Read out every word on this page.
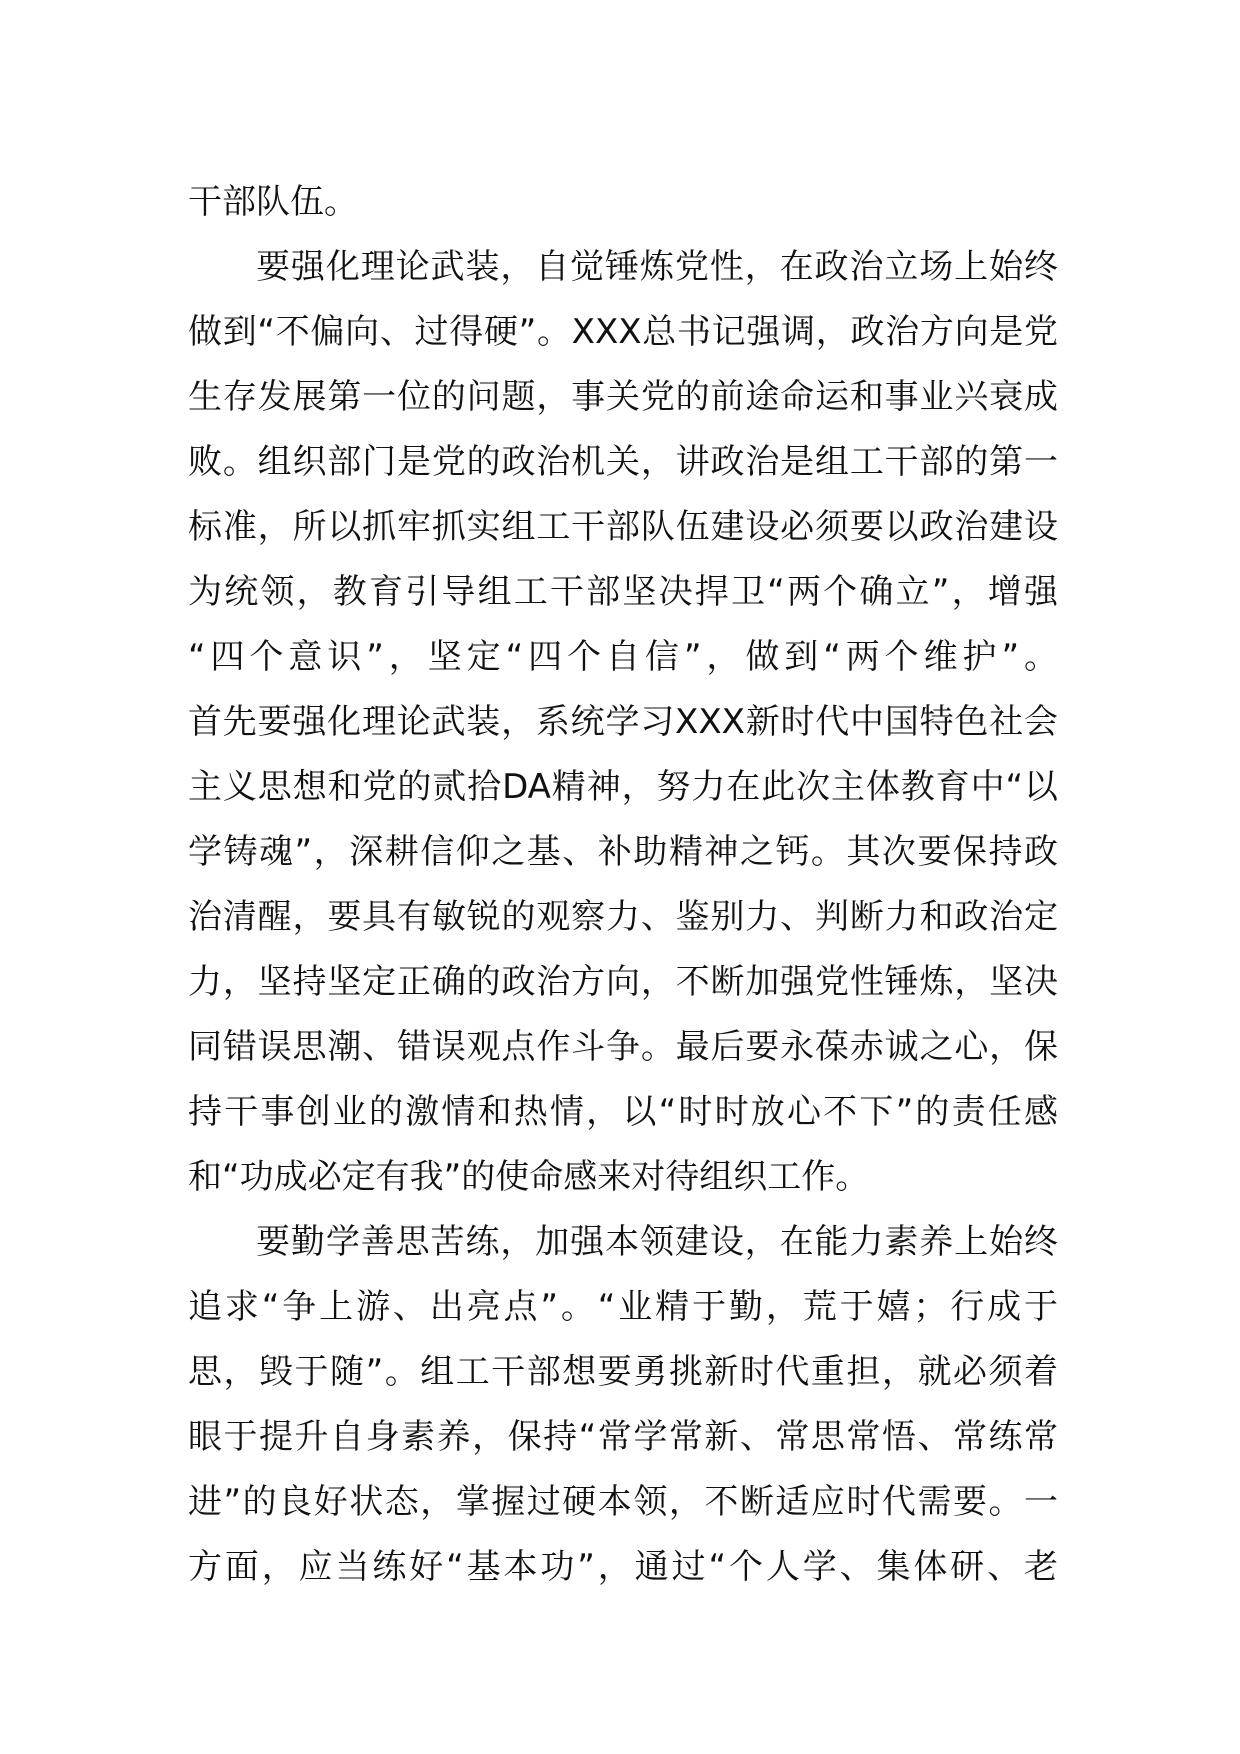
干部队伍。
要强化理论武装，自觉锤炼党性，在政治立场上始终
做到“不偏向、过得硬”。XXX总书记强调，政治方向是党
生存发展第一位的问题，事关党的前途命运和事业兴衰成
败。组织部门是党的政治机关，讲政治是组工干部的第一
标准，所以抓牢抓实组工干部队伍建设必须要以政治建设
为统领，教育引导组工干部坚决捍卫“两个确立”，增强
“四个意识”，坚定“四个自信”，做到“两个维护”。
首先要强化理论武装，系统学习XXX新时代中国特色社会
主义思想和党的贰拾DA精神，努力在此次主体教育中“以
学铸魂”，深耕信仰之基、补助精神之钙。其次要保持政
治清醒，要具有敏锐的观察力、鉴别力、判断力和政治定
力，坚持坚定正确的政治方向，不断加强党性锤炼，坚决
同错误思潮、错误观点作斗争。最后要永葆赤诚之心，保
持干事创业的激情和热情，以“时时放心不下”的责任感
和“功成必定有我”的使命感来对待组织工作。
要勤学善思苦练，加强本领建设，在能力素养上始终
追求“争上游、出亮点”。“业精于勤，荒于嬉；行成于
思，毁于随”。组工干部想要勇挑新时代重担，就必须着
眼于提升自身素养，保持“常学常新、常思常悟、常练常
进”的良好状态，掌握过硬本领，不断适应时代需要。一
方面，应当练好“基本功”，通过“个人学、集体研、老
